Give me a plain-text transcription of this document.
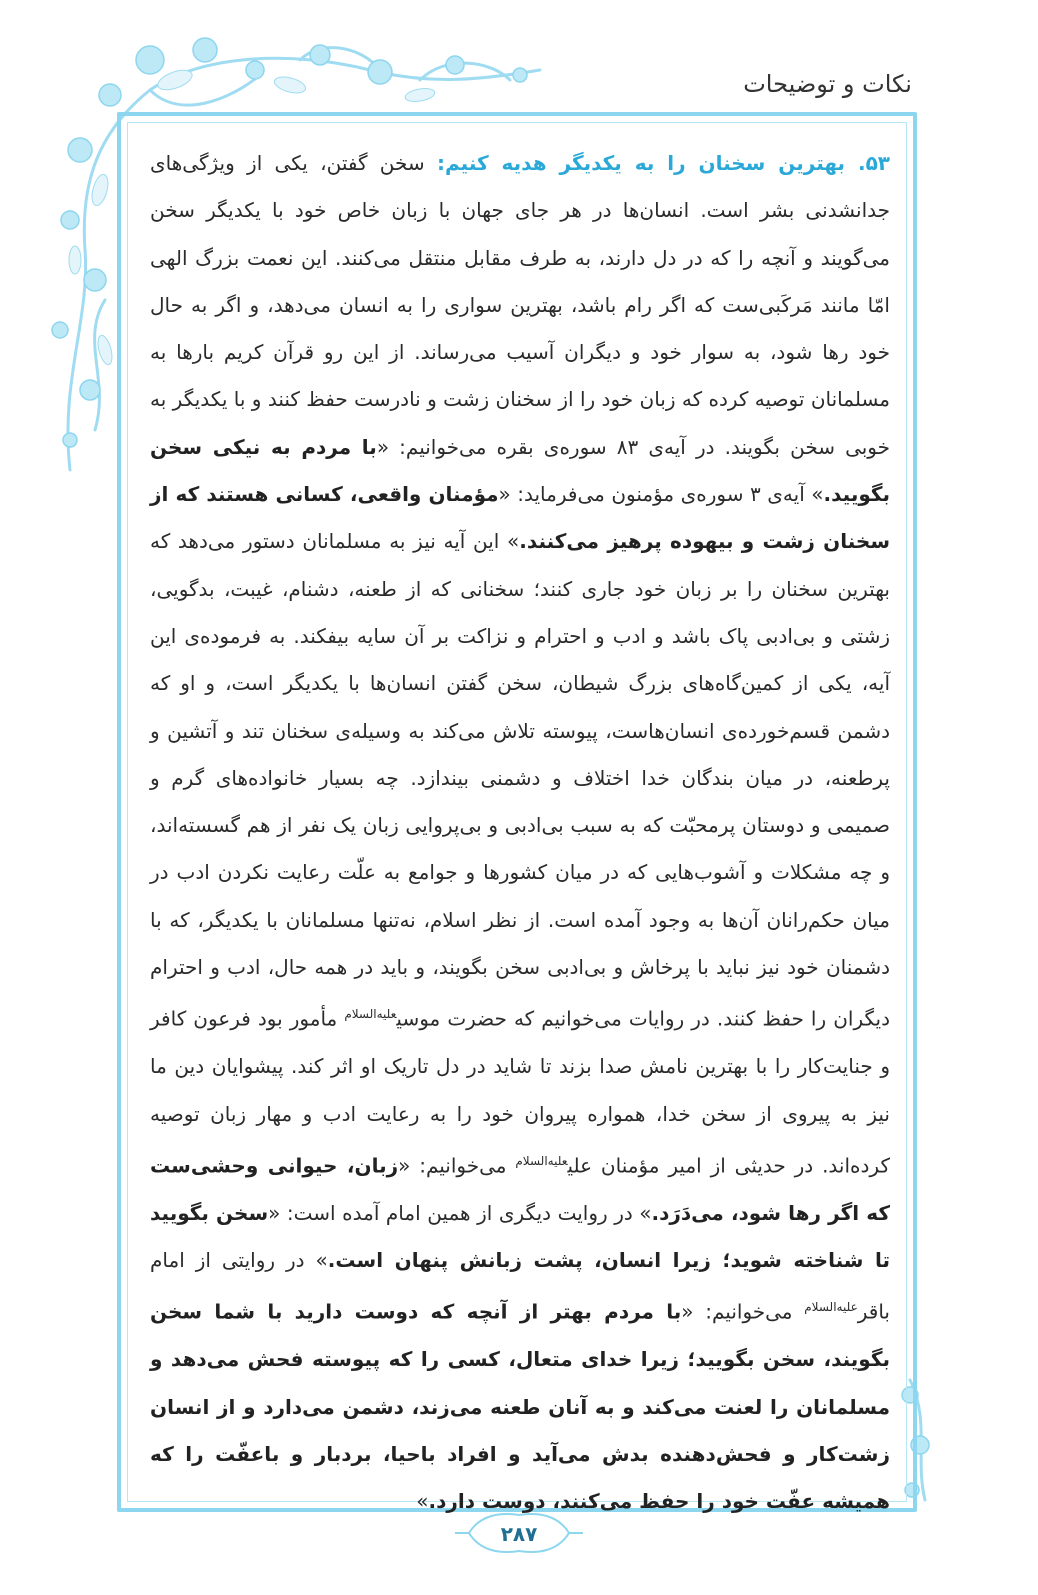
نکات و توضیحات

۵۳. بهترین سخنان را به یکدیگر هدیه کنیم: سخن گفتن، یکی از ویژگی‌های جدانشدنی بشر است. انسان‌ها در هر جای جهان با زبان خاص خود با یکدیگر سخن می‌گویند و آنچه را که در دل دارند، به طرف مقابل منتقل می‌کنند. این نعمت بزرگ الهی امّا مانند مَرکَبی‌ست که اگر رام باشد، بهترین سواری را به انسان می‌دهد، و اگر به حال خود رها شود، به سوار خود و دیگران آسیب می‌رساند. از این رو قرآن کریم بارها به مسلمانان توصیه کرده که زبان خود را از سخنان زشت و نادرست حفظ کنند و با یکدیگر به خوبی سخن بگویند. در آیه‌ی ۸۳ سوره‌ی بقره می‌خوانیم: «با مردم به نیکی سخن بگویید.» آیه‌ی ۳ سوره‌ی مؤمنون می‌فرماید: «مؤمنان واقعی، کسانی هستند که از سخنان زشت و بیهوده پرهیز می‌کنند.» این آیه نیز به مسلمانان دستور می‌دهد که بهترین سخنان را بر زبان خود جاری کنند؛ سخنانی که از طعنه، دشنام، غیبت، بدگویی، زشتی و بی‌ادبی پاک باشد و ادب و احترام و نزاکت بر آن سایه بیفکند. به فرموده‌ی این آیه، یکی از کمین‌گاه‌های بزرگ شیطان، سخن گفتن انسان‌ها با یکدیگر است، و او که دشمن قسم‌خورده‌ی انسان‌هاست، پیوسته تلاش می‌کند به وسیله‌ی سخنان تند و آتشین و پرطعنه، در میان بندگان خدا اختلاف و دشمنی بیندازد. چه بسیار خانواده‌های گرم و صمیمی و دوستان پرمحبّت که به سبب بی‌ادبی و بی‌پروایی زبان یک نفر از هم گسسته‌اند، و چه مشکلات و آشوب‌هایی که در میان کشورها و جوامع به علّت رعایت نکردن ادب در میان حکم‌رانان آن‌ها به وجود آمده است. از نظر اسلام، نه‌تنها مسلمانان با یکدیگر، که با دشمنان خود نیز نباید با پرخاش و بی‌ادبی سخن بگویند، و باید در همه حال، ادب و احترام دیگران را حفظ کنند. در روایات می‌خوانیم که حضرت موسی$^{علیه‌السلام}$ مأمور بود فرعون کافر و جنایت‌کار را با بهترین نامش صدا بزند تا شاید در دل تاریک او اثر کند. پیشوایان دین ما نیز به پیروی از سخن خدا، همواره پیروان خود را به رعایت ادب و مهار زبان توصیه کرده‌اند. در حدیثی از امیر مؤمنان علی$^{علیه‌السلام}$ می‌خوانیم: «زبان، حیوانی وحشی‌ست که اگر رها شود، می‌دَرَد.» در روایت دیگری از همین امام آمده است: «سخن بگویید تا شناخته شوید؛ زیرا انسان، پشت زبانش پنهان است.» در روایتی از امام باقر$^{علیه‌السلام}$ می‌خوانیم: «با مردم بهتر از آنچه که دوست دارید با شما سخن بگویند، سخن بگویید؛ زیرا خدای متعال، کسی را که پیوسته فحش می‌دهد و مسلمانان را لعنت می‌کند و به آنان طعنه می‌زند، دشمن می‌دارد و از انسان زشت‌کار و فحش‌دهنده بدش می‌آید و افراد باحیا، بردبار و باعفّت را که همیشه عفّت خود را حفظ می‌کنند، دوست دارد.»

۲۸۷
